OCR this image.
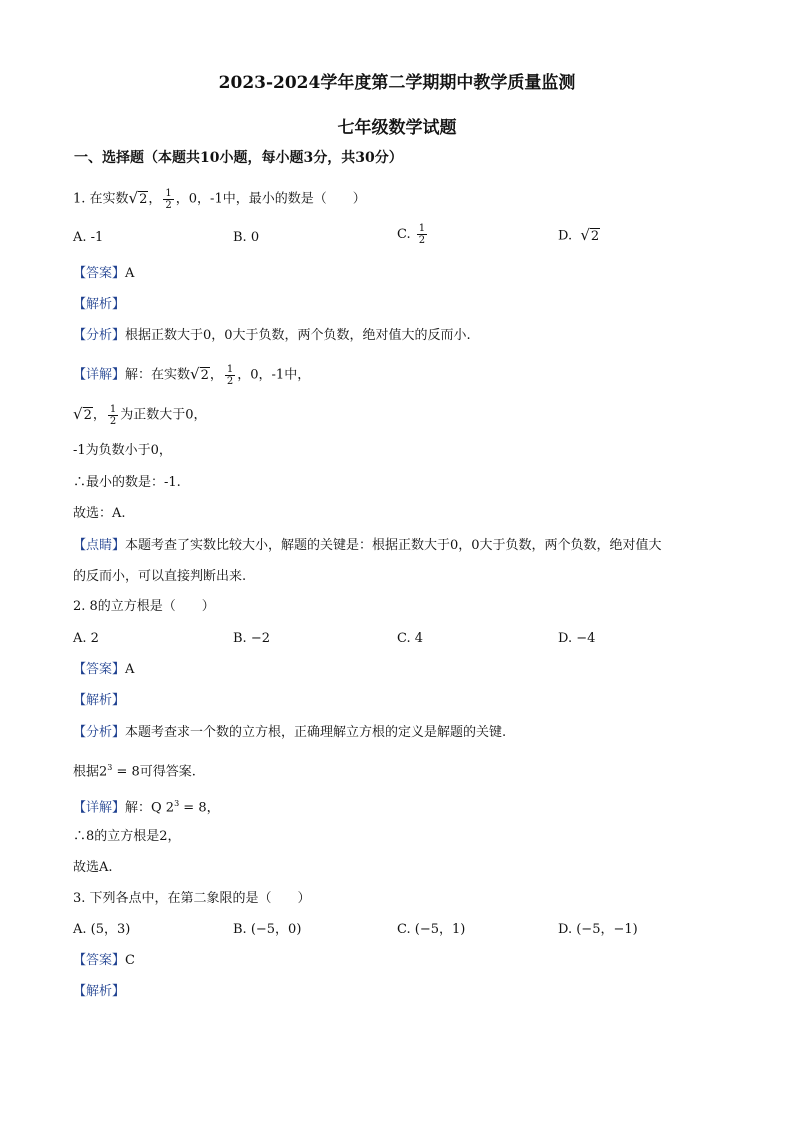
2023-2024学年度第二学期期中教学质量监测
七年级数学试题
一、选择题（本题共10小题，每小题3分，共30分）
1. 在实数√2， $\frac{1}{2}$ ，0，-1中，最小的数是（　　）
A. -1	B. 0	C. $\frac{1}{2}$	D. √2
【答案】A
【解析】
【分析】根据正数大于0，0大于负数，两个负数，绝对值大的反而小.
【详解】解：在实数√2， $\frac{1}{2}$ ，0，-1中，
√2， $\frac{1}{2}$ 为正数大于0，
-1为负数小于0，
∴最小的数是：-1.
故选：A.
【点睛】本题考查了实数比较大小，解题的关键是：根据正数大于0，0大于负数，两个负数，绝对值大
的反而小，可以直接判断出来.
2. 8的立方根是（　　）
A. 2	B. −2	C. 4	D. −4
【答案】A
【解析】
【分析】本题考查求一个数的立方根，正确理解立方根的定义是解题的关键.
根据$2^3 = 8$可得答案.
【详解】解：Q $2^3 = 8$，
∴8的立方根是2，
故选A.
3. 下列各点中，在第二象限的是（　　）
A. (5，3)	B. (−5，0)	C. (−5，1)	D. (−5，−1)
【答案】C
【解析】
